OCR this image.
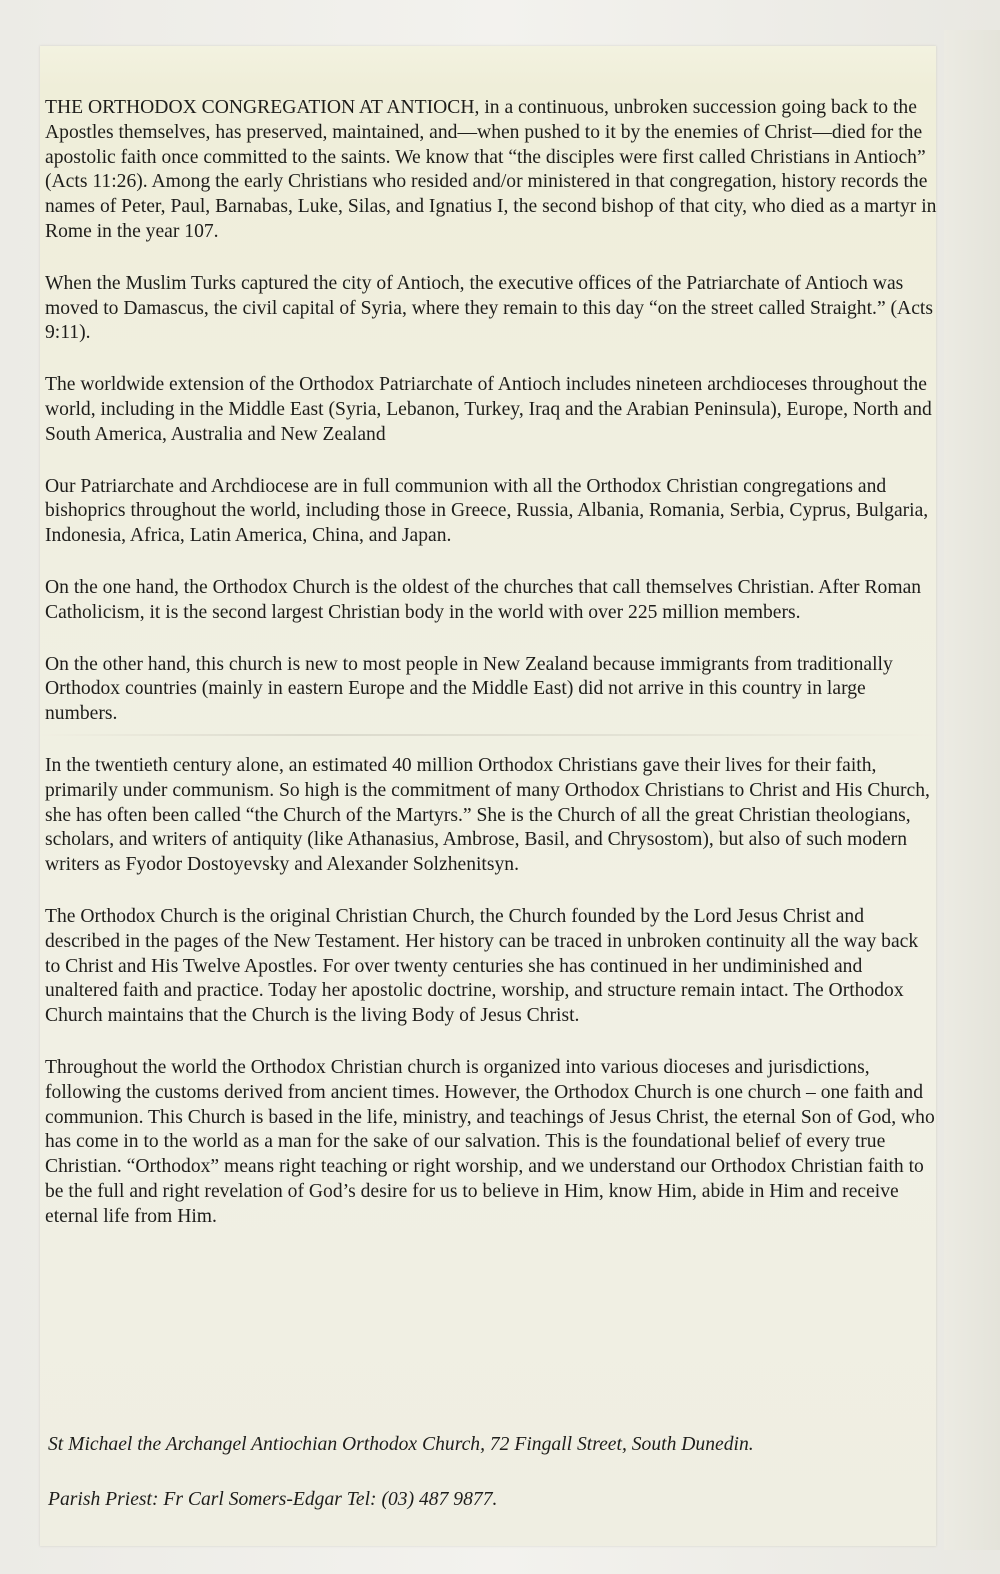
THE ORTHODOX CONGREGATION AT ANTIOCH, in a continuous, unbroken succession going back to the Apostles themselves, has preserved, maintained, and—when pushed to it by the enemies of Christ—died for the apostolic faith once committed to the saints. We know that “the disciples were first called Christians in Antioch” (Acts 11:26). Among the early Christians who resided and/or ministered in that congregation, history records the names of Peter, Paul, Barnabas, Luke, Silas, and Ignatius I, the second bishop of that city, who died as a martyr in Rome in the year 107.

When the Muslim Turks captured the city of Antioch, the executive offices of the Patriarchate of Antioch was moved to Damascus, the civil capital of Syria, where they remain to this day “on the street called Straight.” (Acts 9:11).

The worldwide extension of the Orthodox Patriarchate of Antioch includes nineteen archdioceses throughout the world, including in the Middle East (Syria, Lebanon, Turkey, Iraq and the Arabian Peninsula), Europe, North and South America, Australia and New Zealand

Our Patriarchate and Archdiocese are in full communion with all the Orthodox Christian congregations and bishoprics throughout the world, including those in Greece, Russia, Albania, Romania, Serbia, Cyprus, Bulgaria, Indonesia, Africa, Latin America, China, and Japan.

On the one hand, the Orthodox Church is the oldest of the churches that call themselves Christian. After Roman Catholicism, it is the second largest Christian body in the world with over 225 million members.

On the other hand, this church is new to most people in New Zealand because immigrants from traditionally Orthodox countries (mainly in eastern Europe and the Middle East) did not arrive in this country in large numbers.

In the twentieth century alone, an estimated 40 million Orthodox Christians gave their lives for their faith, primarily under communism. So high is the commitment of many Orthodox Christians to Christ and His Church, she has often been called “the Church of the Martyrs.” She is the Church of all the great Christian theologians, scholars, and writers of antiquity (like Athanasius, Ambrose, Basil, and Chrysostom), but also of such modern writers as Fyodor Dostoyevsky and Alexander Solzhenitsyn.

The Orthodox Church is the original Christian Church, the Church founded by the Lord Jesus Christ and described in the pages of the New Testament. Her history can be traced in unbroken continuity all the way back to Christ and His Twelve Apostles. For over twenty centuries she has continued in her undiminished and unaltered faith and practice. Today her apostolic doctrine, worship, and structure remain intact. The Orthodox Church maintains that the Church is the living Body of Jesus Christ.

Throughout the world the Orthodox Christian church is organized into various dioceses and jurisdictions, following the customs derived from ancient times. However, the Orthodox Church is one church – one faith and communion. This Church is based in the life, ministry, and teachings of Jesus Christ, the eternal Son of God, who has come in to the world as a man for the sake of our salvation. This is the foundational belief of every true Christian. “Orthodox” means right teaching or right worship, and we understand our Orthodox Christian faith to be the full and right revelation of God’s desire for us to believe in Him, know Him, abide in Him and receive eternal life from Him.

St Michael the Archangel Antiochian Orthodox Church, 72 Fingall Street, South Dunedin.
Parish Priest: Fr Carl Somers-Edgar Tel: (03) 487 9877.
